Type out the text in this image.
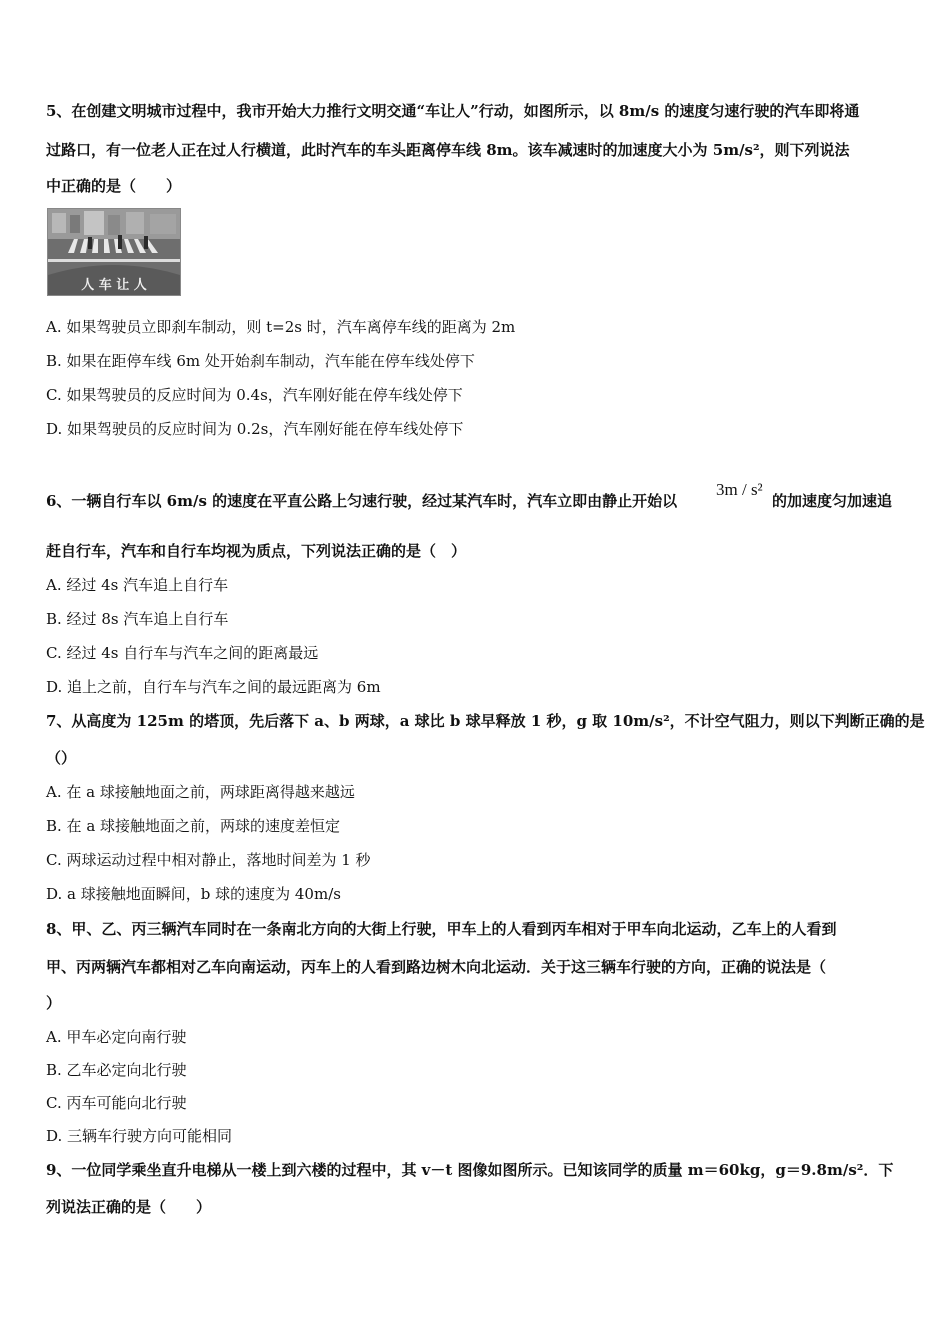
5、在创建文明城市过程中，我市开始大力推行文明交通“车让人”行动，如图所示，以 8m/s 的速度匀速行驶的汽车即将通
过路口，有一位老人正在过人行横道，此时汽车的车头距离停车线 8m。该车减速时的加速度大小为 5m/s²，则下列说法
中正确的是（　　）
人 车 让 人
A. 如果驾驶员立即刹车制动，则 t=2s 时，汽车离停车线的距离为 2m
B. 如果在距停车线 6m 处开始刹车制动，汽车能在停车线处停下
C. 如果驾驶员的反应时间为 0.4s，汽车刚好能在停车线处停下
D. 如果驾驶员的反应时间为 0.2s，汽车刚好能在停车线处停下
6、一辆自行车以 6m/s 的速度在平直公路上匀速行驶，经过某汽车时，汽车立即由静止开始以
3m / s²
的加速度匀加速追
赶自行车，汽车和自行车均视为质点，下列说法正确的是（　）
A. 经过 4s 汽车追上自行车
B. 经过 8s 汽车追上自行车
C. 经过 4s 自行车与汽车之间的距离最远
D. 追上之前，自行车与汽车之间的最远距离为 6m
7、从高度为 125m 的塔顶，先后落下 a、b 两球，a 球比 b 球早释放 1 秒，g 取 10m/s²，不计空气阻力，则以下判断正确的是
（）
A. 在 a 球接触地面之前，两球距离得越来越远
B. 在 a 球接触地面之前，两球的速度差恒定
C. 两球运动过程中相对静止，落地时间差为 1 秒
D. a 球接触地面瞬间，b 球的速度为 40m/s
8、甲、乙、丙三辆汽车同时在一条南北方向的大街上行驶，甲车上的人看到丙车相对于甲车向北运动，乙车上的人看到
甲、丙两辆汽车都相对乙车向南运动，丙车上的人看到路边树木向北运动．关于这三辆车行驶的方向，正确的说法是（
）
A. 甲车必定向南行驶
B. 乙车必定向北行驶
C. 丙车可能向北行驶
D. 三辆车行驶方向可能相同
9、一位同学乘坐直升电梯从一楼上到六楼的过程中，其 v－t 图像如图所示。已知该同学的质量 m＝60kg，g＝9.8m/s²．下
列说法正确的是（　　）
